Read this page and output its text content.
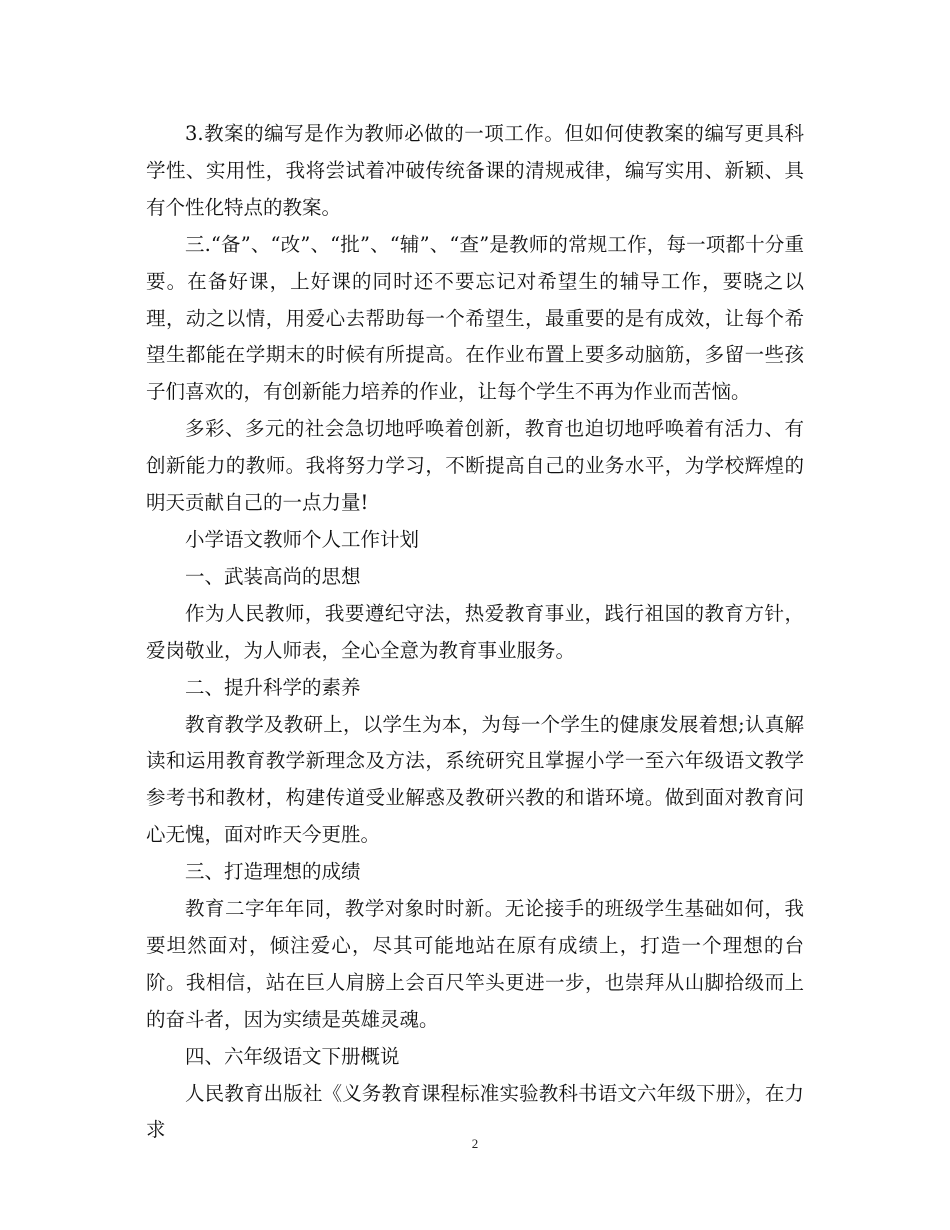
3.教案的编写是作为教师必做的一项工作。但如何使教案的编写更具科学性、实用性，我将尝试着冲破传统备课的清规戒律，编写实用、新颖、具有个性化特点的教案。

三.“备”、“改”、“批”、“辅”、“查”是教师的常规工作，每一项都十分重要。在备好课，上好课的同时还不要忘记对希望生的辅导工作，要晓之以理，动之以情，用爱心去帮助每一个希望生，最重要的是有成效，让每个希望生都能在学期末的时候有所提高。在作业布置上要多动脑筋，多留一些孩子们喜欢的，有创新能力培养的作业，让每个学生不再为作业而苦恼。

多彩、多元的社会急切地呼唤着创新，教育也迫切地呼唤着有活力、有创新能力的教师。我将努力学习，不断提高自己的业务水平，为学校辉煌的明天贡献自己的一点力量!

小学语文教师个人工作计划

一、武装高尚的思想

作为人民教师，我要遵纪守法，热爱教育事业，践行祖国的教育方针，爱岗敬业，为人师表，全心全意为教育事业服务。

二、提升科学的素养

教育教学及教研上，以学生为本，为每一个学生的健康发展着想;认真解读和运用教育教学新理念及方法，系统研究且掌握小学一至六年级语文教学参考书和教材，构建传道受业解惑及教研兴教的和谐环境。做到面对教育问心无愧，面对昨天今更胜。

三、打造理想的成绩

教育二字年年同，教学对象时时新。无论接手的班级学生基础如何，我要坦然面对，倾注爱心，尽其可能地站在原有成绩上，打造一个理想的台阶。我相信，站在巨人肩膀上会百尺竿头更进一步，也崇拜从山脚拾级而上的奋斗者，因为实绩是英雄灵魂。

四、六年级语文下册概说

人民教育出版社《义务教育课程标准实验教科书语文六年级下册》，在力求

2
